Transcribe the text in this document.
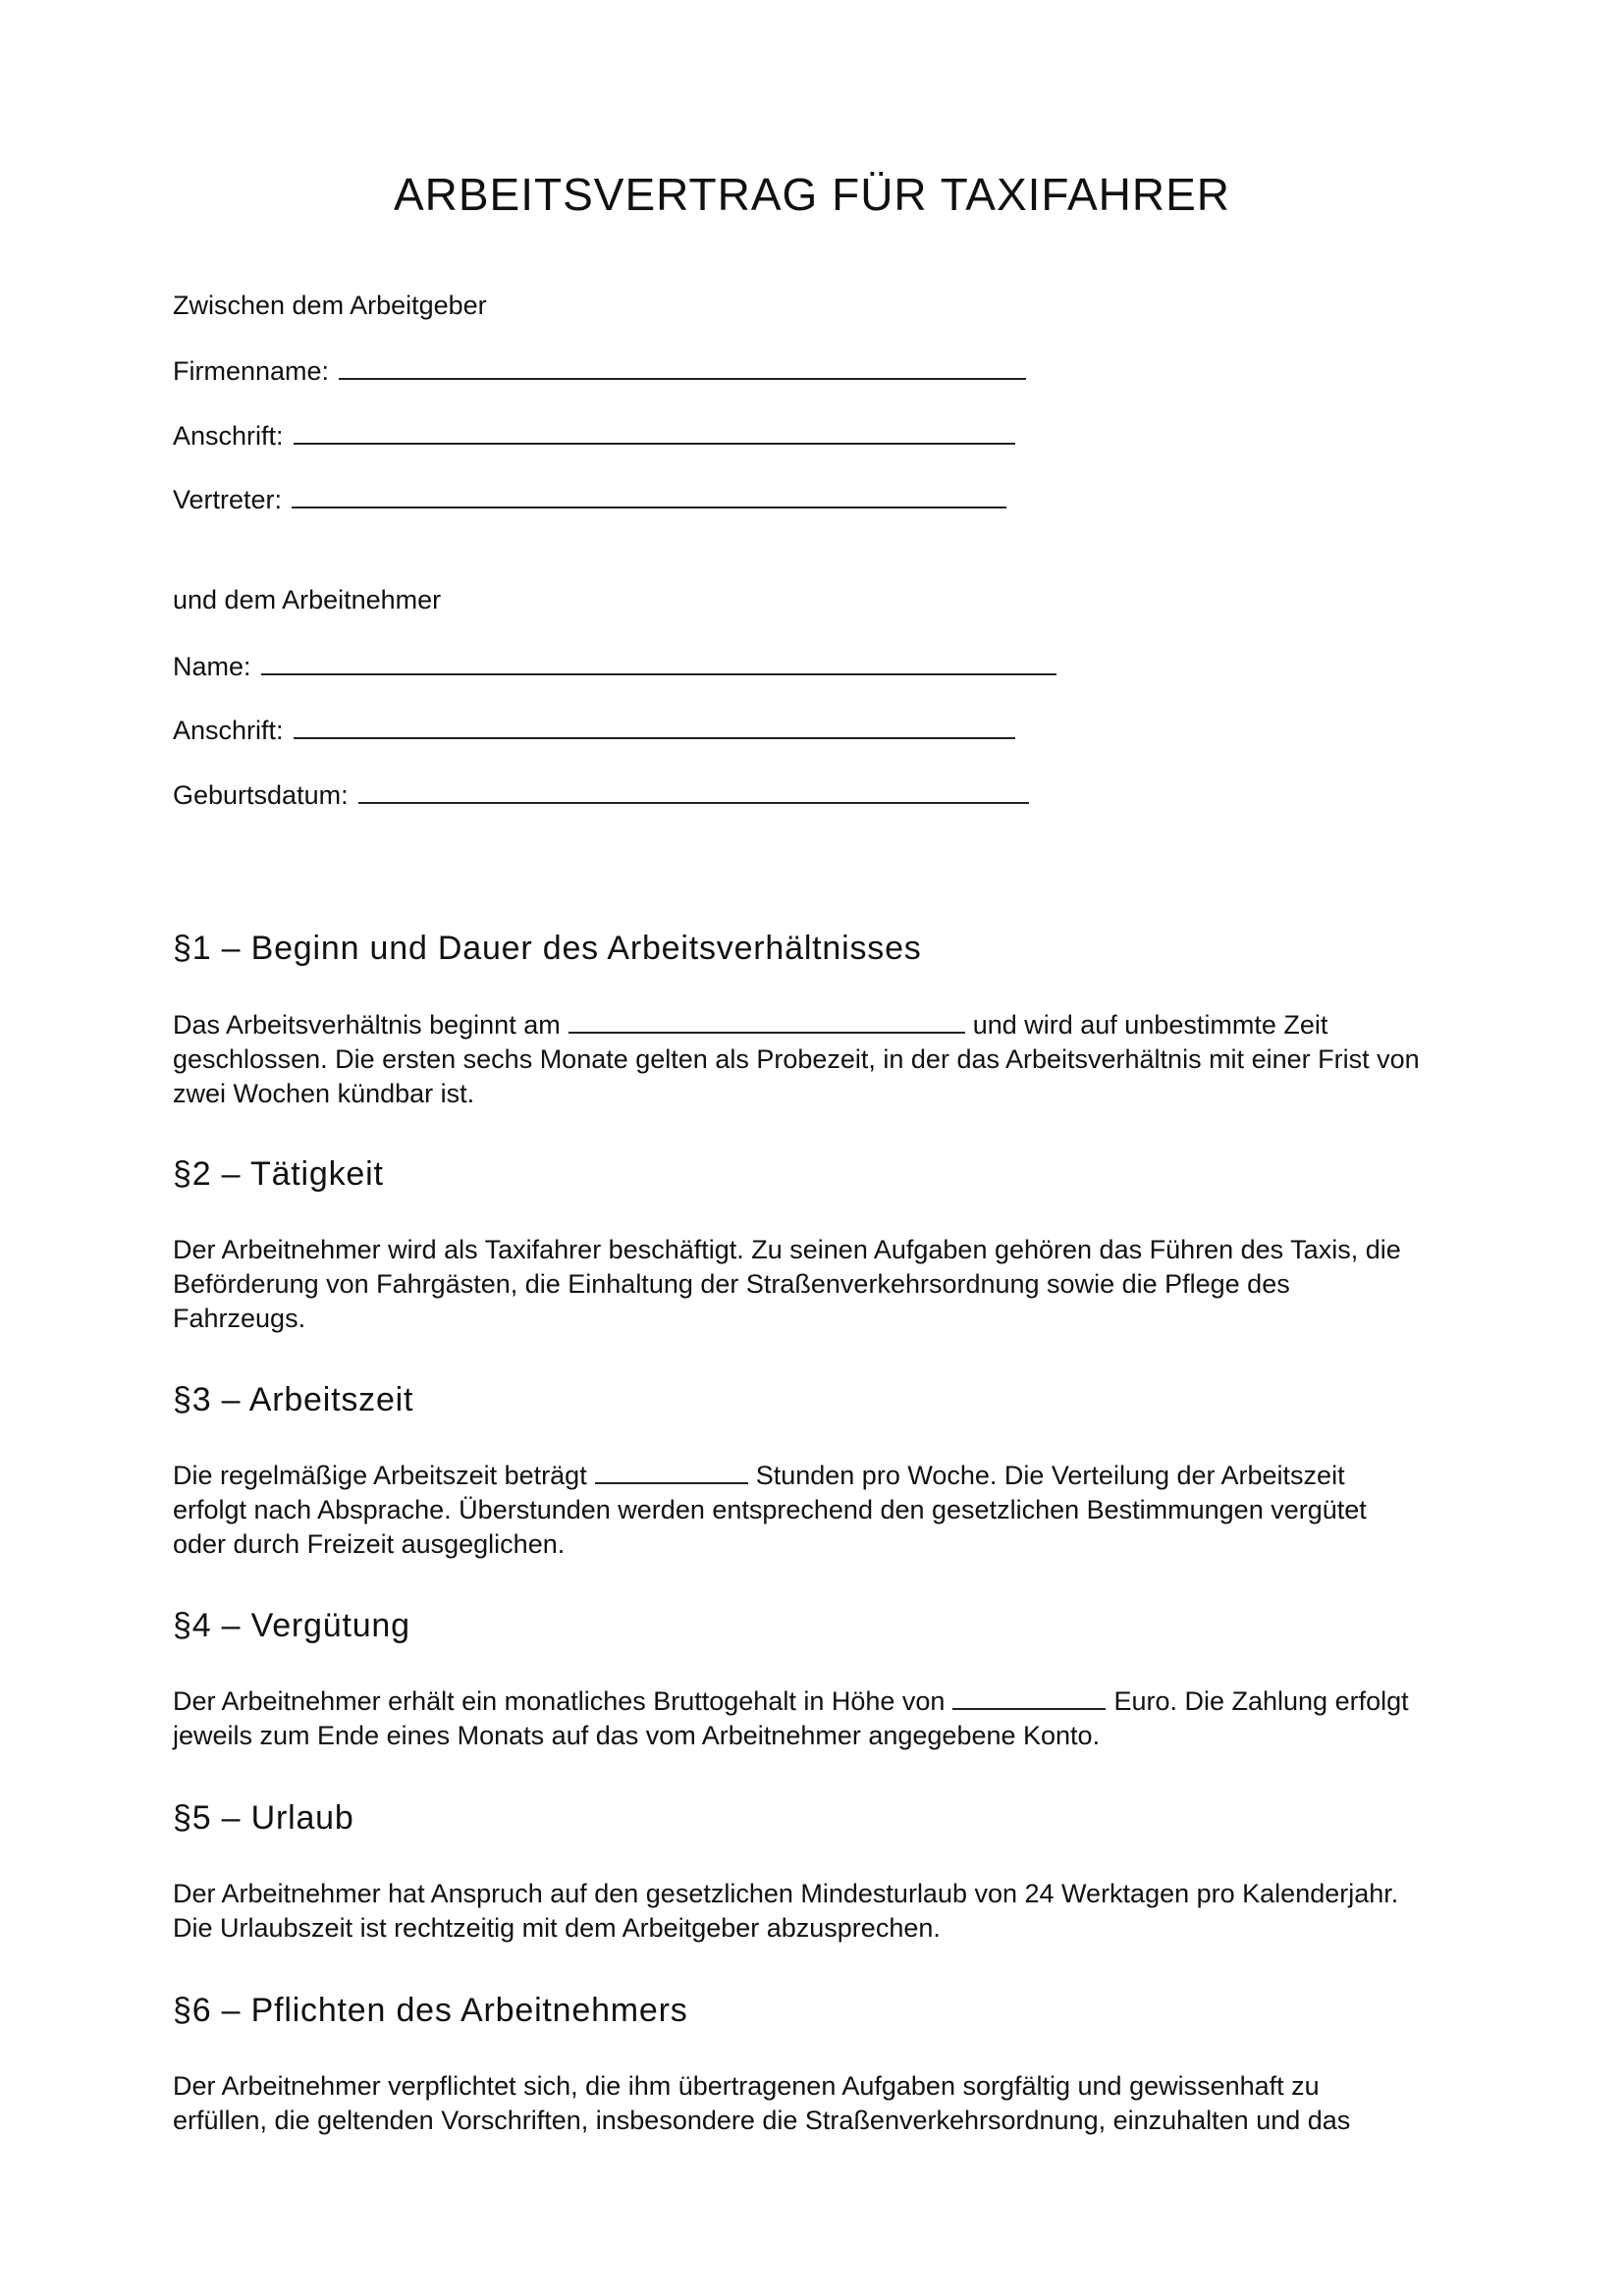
ARBEITSVERTRAG FÜR TAXIFAHRER
Zwischen dem Arbeitgeber
Firmenname:
Anschrift:
Vertreter:
und dem Arbeitnehmer
Name:
Anschrift:
Geburtsdatum:
§1 – Beginn und Dauer des Arbeitsverhältnisses
Das Arbeitsverhältnis beginnt am	und wird auf unbestimmte Zeit
geschlossen. Die ersten sechs Monate gelten als Probezeit, in der das Arbeitsverhältnis mit einer Frist von
zwei Wochen kündbar ist.
§2 – Tätigkeit
Der Arbeitnehmer wird als Taxifahrer beschäftigt. Zu seinen Aufgaben gehören das Führen des Taxis, die
Beförderung von Fahrgästen, die Einhaltung der Straßenverkehrsordnung sowie die Pflege des
Fahrzeugs.
§3 – Arbeitszeit
Die regelmäßige Arbeitszeit beträgt	Stunden pro Woche. Die Verteilung der Arbeitszeit
erfolgt nach Absprache. Überstunden werden entsprechend den gesetzlichen Bestimmungen vergütet
oder durch Freizeit ausgeglichen.
§4 – Vergütung
Der Arbeitnehmer erhält ein monatliches Bruttogehalt in Höhe von	Euro. Die Zahlung erfolgt
jeweils zum Ende eines Monats auf das vom Arbeitnehmer angegebene Konto.
§5 – Urlaub
Der Arbeitnehmer hat Anspruch auf den gesetzlichen Mindesturlaub von 24 Werktagen pro Kalenderjahr.
Die Urlaubszeit ist rechtzeitig mit dem Arbeitgeber abzusprechen.
§6 – Pflichten des Arbeitnehmers
Der Arbeitnehmer verpflichtet sich, die ihm übertragenen Aufgaben sorgfältig und gewissenhaft zu
erfüllen, die geltenden Vorschriften, insbesondere die Straßenverkehrsordnung, einzuhalten und das
